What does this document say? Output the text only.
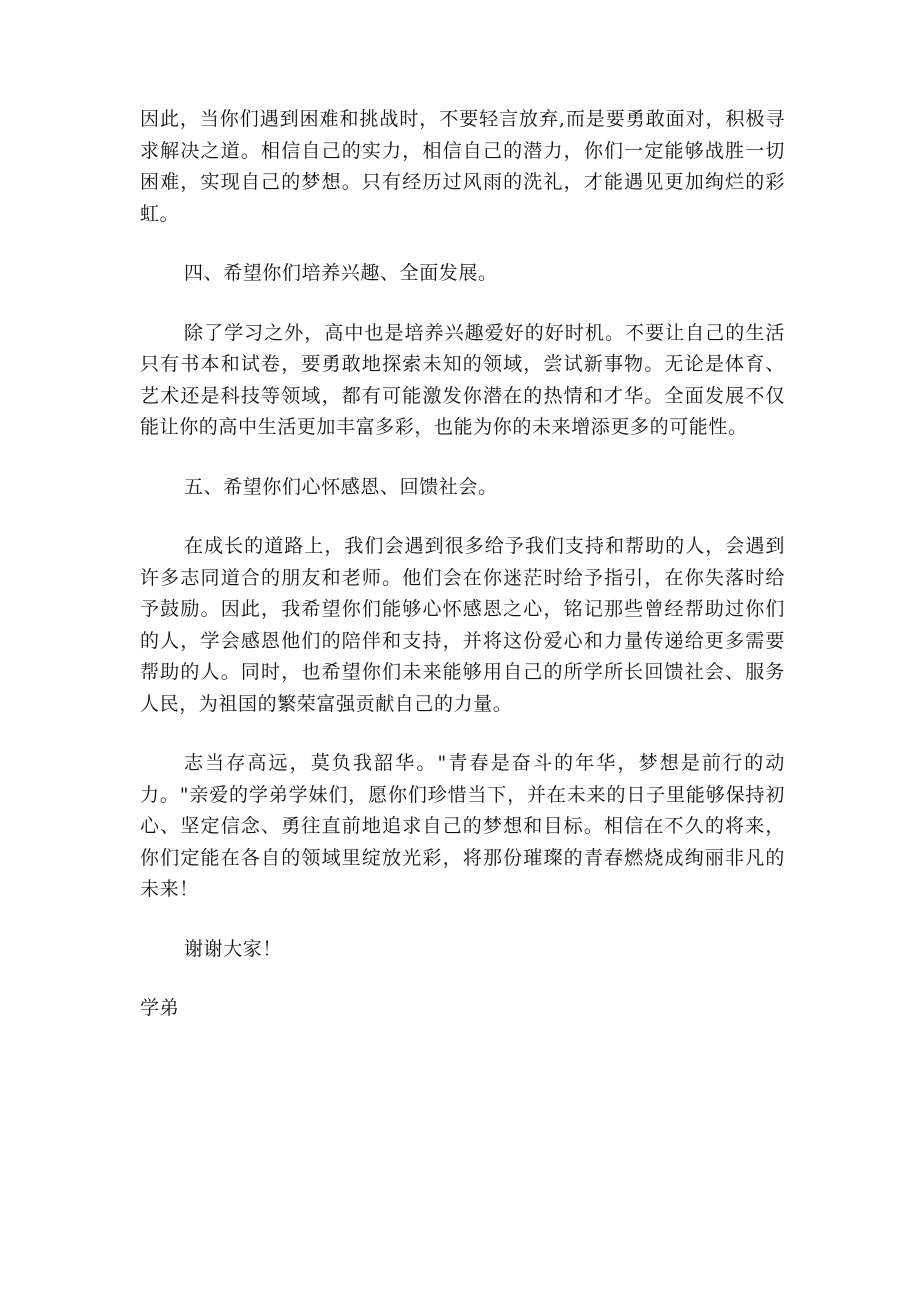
因此，当你们遇到困难和挑战时，不要轻言放弃,而是要勇敢面对，积极寻求解决之道。相信自己的实力，相信自己的潜力，你们一定能够战胜一切困难，实现自己的梦想。只有经历过风雨的洗礼，才能遇见更加绚烂的彩虹。

四、希望你们培养兴趣、全面发展。

除了学习之外，高中也是培养兴趣爱好的好时机。不要让自己的生活只有书本和试卷，要勇敢地探索未知的领域，尝试新事物。无论是体育、艺术还是科技等领域，都有可能激发你潜在的热情和才华。全面发展不仅能让你的高中生活更加丰富多彩，也能为你的未来增添更多的可能性。

五、希望你们心怀感恩、回馈社会。

在成长的道路上，我们会遇到很多给予我们支持和帮助的人，会遇到许多志同道合的朋友和老师。他们会在你迷茫时给予指引，在你失落时给予鼓励。因此，我希望你们能够心怀感恩之心，铭记那些曾经帮助过你们的人，学会感恩他们的陪伴和支持，并将这份爱心和力量传递给更多需要帮助的人。同时，也希望你们未来能够用自己的所学所长回馈社会、服务人民，为祖国的繁荣富强贡献自己的力量。

志当存高远，莫负我韶华。"青春是奋斗的年华，梦想是前行的动力。"亲爱的学弟学妹们，愿你们珍惜当下，并在未来的日子里能够保持初心、坚定信念、勇往直前地追求自己的梦想和目标。相信在不久的将来，你们定能在各自的领域里绽放光彩，将那份璀璨的青春燃烧成绚丽非凡的未来！

谢谢大家！

学弟
